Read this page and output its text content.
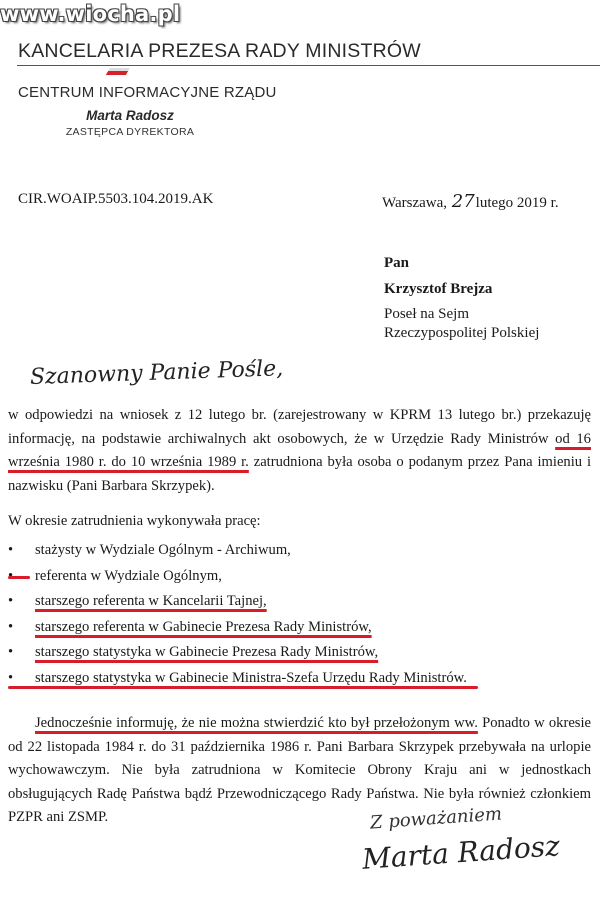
www.wiocha.pl
KANCELARIA PREZESA RADY MINISTRÓW
CENTRUM INFORMACYJNE RZĄDU
Marta Radosz
ZASTĘPCA DYREKTORA
CIR.WOAIP.5503.104.2019.AK	Warszawa, 27lutego 2019 r.
Pan
Krzysztof Brejza
Poseł na Sejm
Rzeczypospolitej Polskiej
Szanowny Panie Pośle,
w odpowiedzi na wniosek z 12 lutego br. (zarejestrowany w KPRM 13 lutego br.) przekazuję informację, na podstawie archiwalnych akt osobowych, że w Urzędzie Rady Ministrów od 16 września 1980 r. do 10 września 1989 r. zatrudniona była osoba o podanym przez Pana imieniu i nazwisku (Pani Barbara Skrzypek).
W okresie zatrudnienia wykonywała pracę:
• stażysty w Wydziale Ogólnym - Archiwum,
• referenta w Wydziale Ogólnym,
• starszego referenta w Kancelarii Tajnej,
• starszego referenta w Gabinecie Prezesa Rady Ministrów,
• starszego statystyka w Gabinecie Prezesa Rady Ministrów,
• starszego statystyka w Gabinecie Ministra-Szefa Urzędu Rady Ministrów.
Jednocześnie informuję, że nie można stwierdzić kto był przełożonym ww. Ponadto w okresie od 22 listopada 1984 r. do 31 października 1986 r. Pani Barbara Skrzypek przebywała na urlopie wychowawczym. Nie była zatrudniona w Komitecie Obrony Kraju ani w jednostkach obsługujących Radę Państwa bądź Przewodniczącego Rady Państwa. Nie była również członkiem PZPR ani ZSMP.	Z poważaniem
Marta Radosz
